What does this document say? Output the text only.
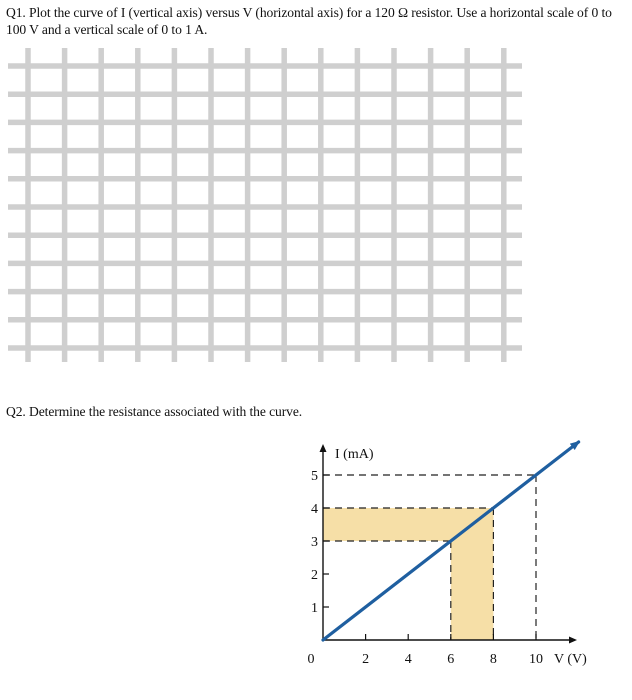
Q1. Plot the curve of I (vertical axis) versus V (horizontal axis) for a 120 Ω resistor. Use a horizontal scale of 0 to 100 V and a vertical scale of 0 to 1 A.
Q2. Determine the resistance associated with the curve.
I (mA)
V (V)
0	2	4	6	8 10
1
2
3
4
5
